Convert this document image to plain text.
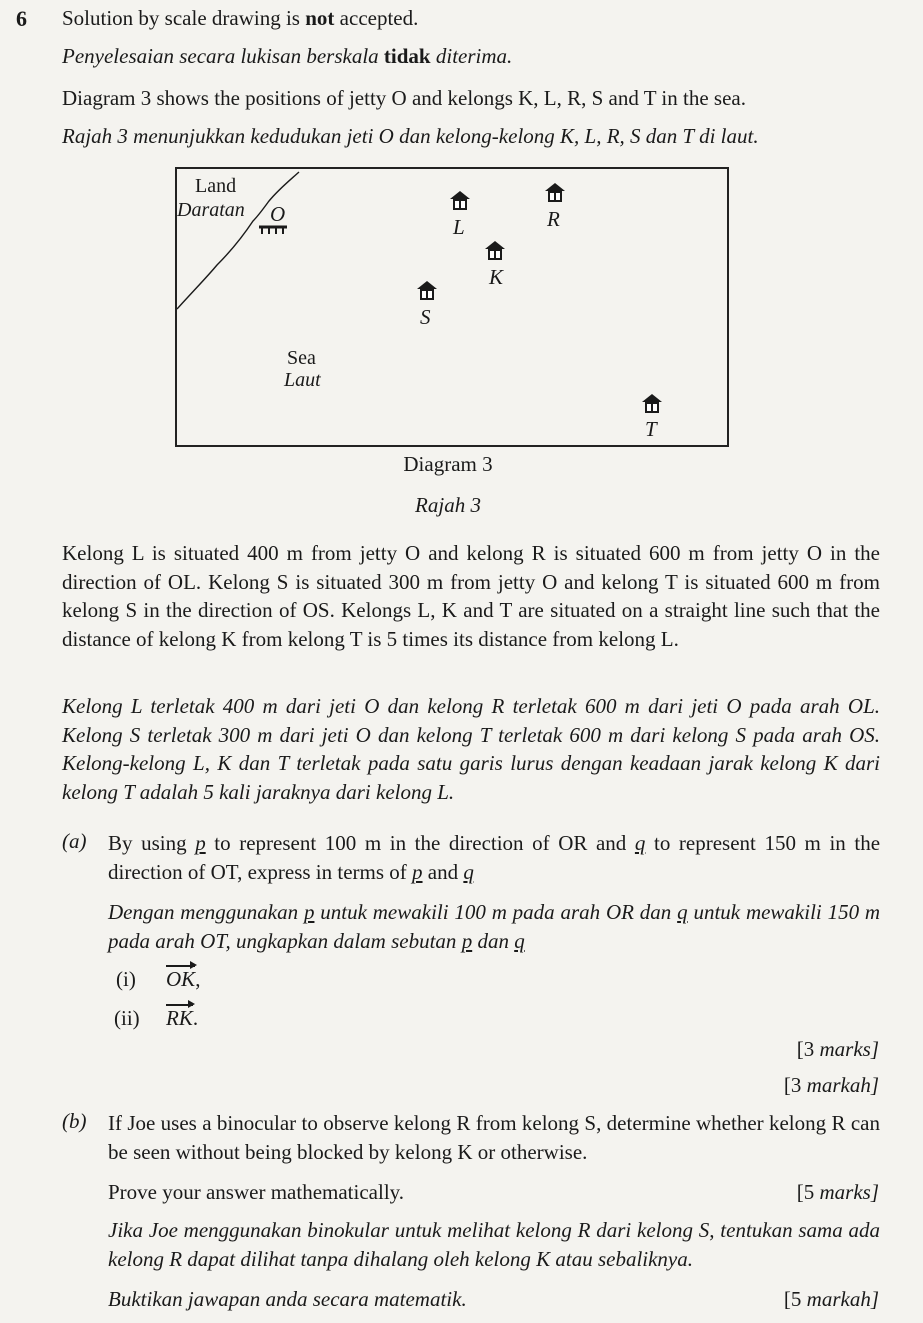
6 Solution by scale drawing is not accepted.
Penyelesaian secara lukisan berskala tidak diterima.
Diagram 3 shows the positions of jetty O and kelongs K, L, R, S and T in the sea.
Rajah 3 menunjukkan kedudukan jeti O dan kelong-kelong K, L, R, S dan T di laut.
Land
Daratan O
L	R
K
S
T
Sea
Laut
Diagram 3
Rajah 3
Kelong L is situated 400 m from jetty O and kelong R is situated 600 m from jetty O in the direction of OL. Kelong S is situated 300 m from jetty O and kelong T is situated 600 m from kelong S in the direction of OS. Kelongs L, K and T are situated on a straight line such that the distance of kelong K from kelong T is 5 times its distance from kelong L.
Kelong L terletak 400 m dari jeti O dan kelong R terletak 600 m dari jeti O pada arah OL. Kelong S terletak 300 m dari jeti O dan kelong T terletak 600 m dari kelong S pada arah OS. Kelong-kelong L, K dan T terletak pada satu garis lurus dengan keadaan jarak kelong K dari kelong T adalah 5 kali jaraknya dari kelong L.
(a) By using p to represent 100 m in the direction of OR and q to represent 150 m in the direction of OT, express in terms of p and q
Dengan menggunakan p untuk mewakili 100 m pada arah OR dan q untuk mewakili 150 m pada arah OT, ungkapkan dalam sebutan p dan q
(i) OK,
(ii) RK.
[3 marks]
[3 markah]
(b) If Joe uses a binocular to observe kelong R from kelong S, determine whether kelong R can be seen without being blocked by kelong K or otherwise.
Prove your answer mathematically.	[5 marks]
Jika Joe menggunakan binokular untuk melihat kelong R dari kelong S, tentukan sama ada kelong R dapat dilihat tanpa dihalang oleh kelong K atau sebaliknya.
Buktikan jawapan anda secara matematik.	[5 markah]
